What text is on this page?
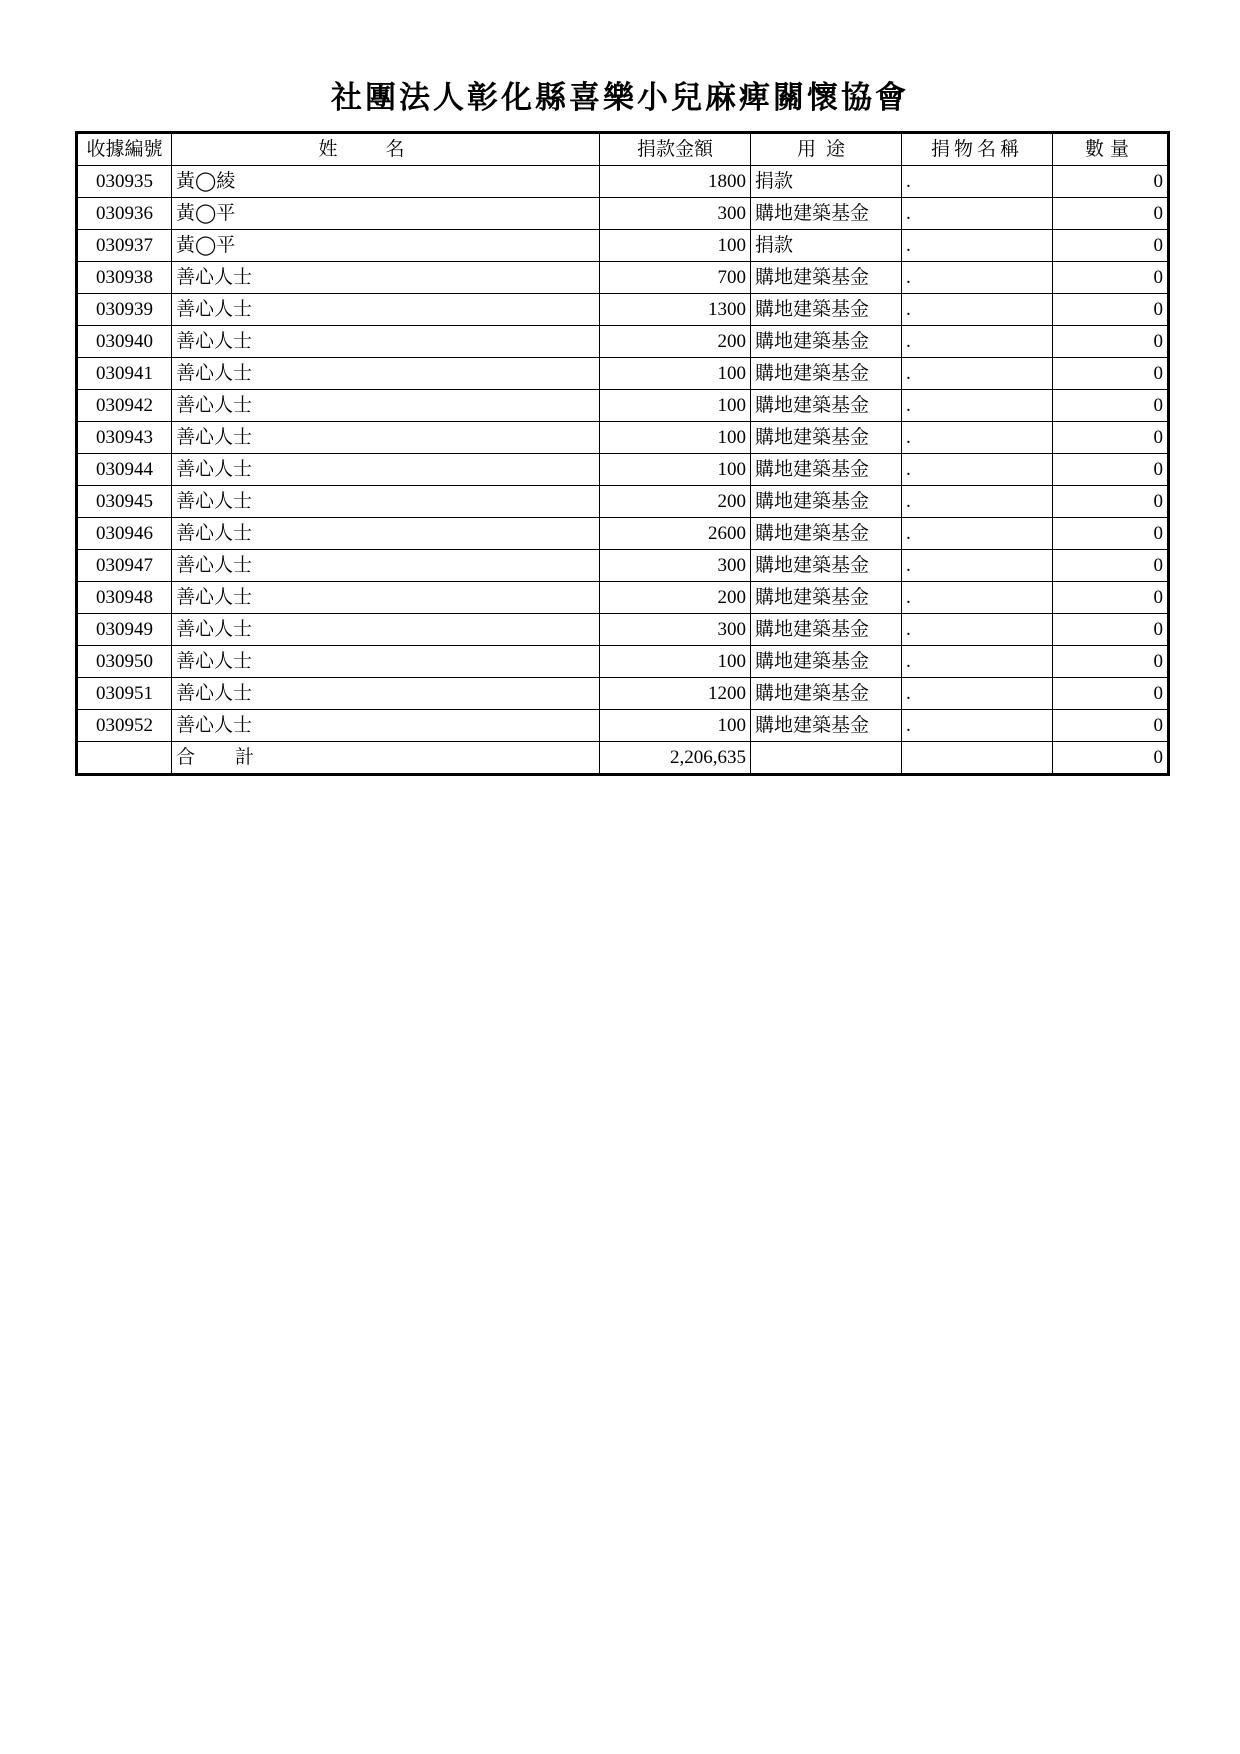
社團法人彰化縣喜樂小兒麻痺關懷協會
收據編號	姓名	捐款金額	用途	捐物名稱	數量
030935	黃◯綾	1800	捐款	.	0
030936	黃◯平	300	購地建築基金	.	0
030937	黃◯平	100	捐款	.	0
030938	善心人士	700	購地建築基金	.	0
030939	善心人士	1300	購地建築基金	.	0
030940	善心人士	200	購地建築基金	.	0
030941	善心人士	100	購地建築基金	.	0
030942	善心人士	100	購地建築基金	.	0
030943	善心人士	100	購地建築基金	.	0
030944	善心人士	100	購地建築基金	.	0
030945	善心人士	200	購地建築基金	.	0
030946	善心人士	2600	購地建築基金	.	0
030947	善心人士	300	購地建築基金	.	0
030948	善心人士	200	購地建築基金	.	0
030949	善心人士	300	購地建築基金	.	0
030950	善心人士	100	購地建築基金	.	0
030951	善心人士	1200	購地建築基金	.	0
030952	善心人士	100	購地建築基金	.	0
	合計	2,206,635			0
